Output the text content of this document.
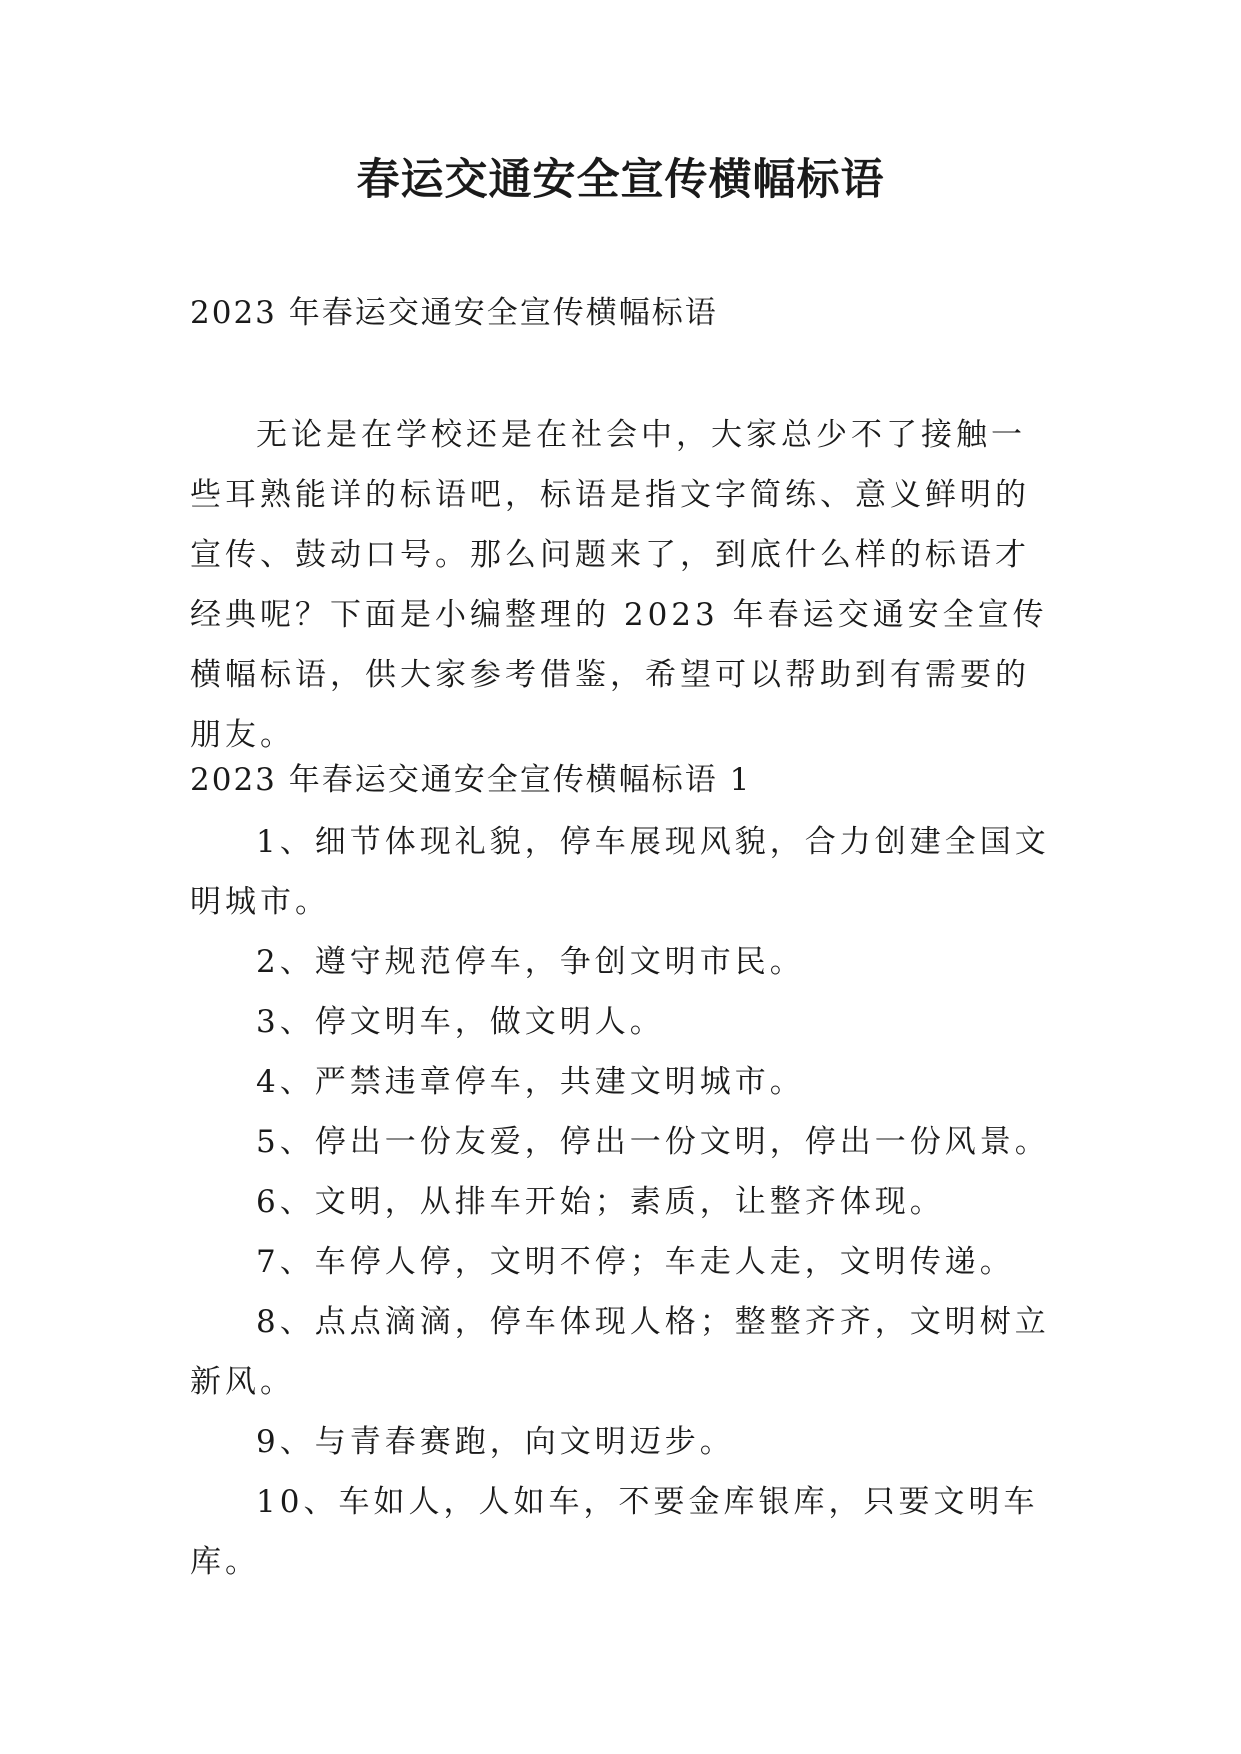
春运交通安全宣传横幅标语
2023 年春运交通安全宣传横幅标语

无论是在学校还是在社会中，大家总少不了接触一些耳熟能详的标语吧，标语是指文字简练、意义鲜明的宣传、鼓动口号。那么问题来了，到底什么样的标语才经典呢？下面是小编整理的 2023 年春运交通安全宣传横幅标语，供大家参考借鉴，希望可以帮助到有需要的朋友。

2023 年春运交通安全宣传横幅标语 1
1、细节体现礼貌，停车展现风貌，合力创建全国文明城市。
2、遵守规范停车，争创文明市民。
3、停文明车，做文明人。
4、严禁违章停车，共建文明城市。
5、停出一份友爱，停出一份文明，停出一份风景。
6、文明，从排车开始；素质，让整齐体现。
7、车停人停，文明不停；车走人走，文明传递。
8、点点滴滴，停车体现人格；整整齐齐，文明树立新风。
9、与青春赛跑，向文明迈步。
10、车如人，人如车，不要金库银库，只要文明车库。
